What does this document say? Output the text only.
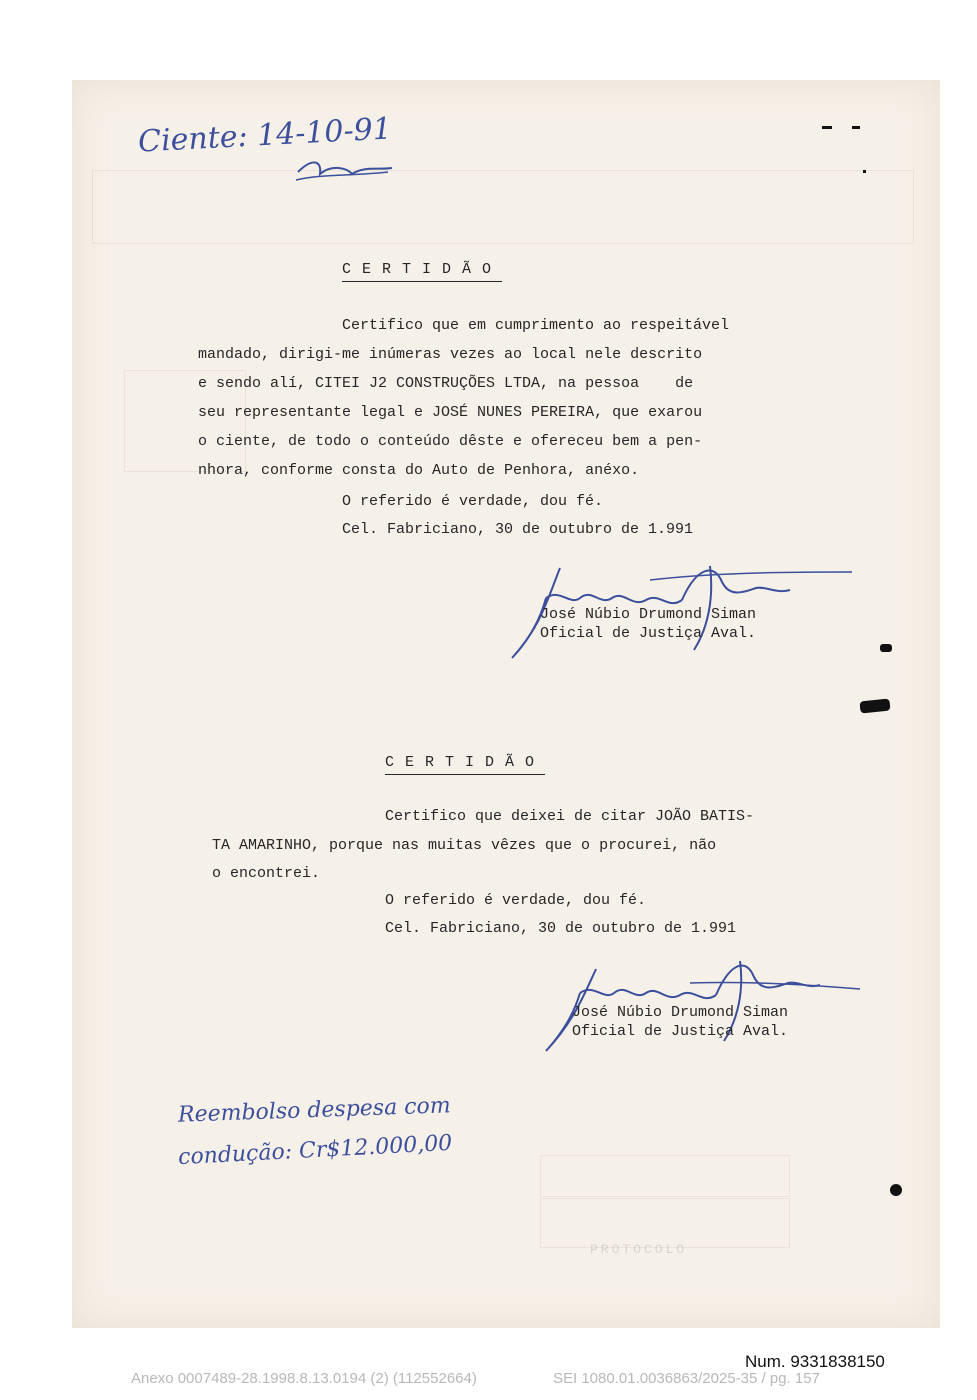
Ciente: 14-10-91
CERTIDÃO
Certifico que em cumprimento ao respeitável
mandado, dirigi-me inúmeras vezes ao local nele descrito
e sendo alí, CITEI J2 CONSTRUÇÕES LTDA, na pessoa    de
seu representante legal e JOSÉ NUNES PEREIRA, que exarou
o ciente, de todo o conteúdo dêste e ofereceu bem a pen-
nhora, conforme consta do Auto de Penhora, anéxo.
O referido é verdade, dou fé.
Cel. Fabriciano, 30 de outubro de 1.991
José Núbio Drumond Siman
Oficial de Justiça Aval.
CERTIDÃO
Certifico que deixei de citar JOÃO BATIS-
TA AMARINHO, porque nas muitas vêzes que o procurei, não
o encontrei.
O referido é verdade, dou fé.
Cel. Fabriciano, 30 de outubro de 1.991
José Núbio Drumond Siman
Oficial de Justiça Aval.
Reembolso despesa com
condução: Cr$12.000,00
PROTOCOLO
Num. 9331838150
Anexo 0007489-28.1998.8.13.0194 (2) (112552664)	SEI 1080.01.0036863/2025-35 / pg. 157
